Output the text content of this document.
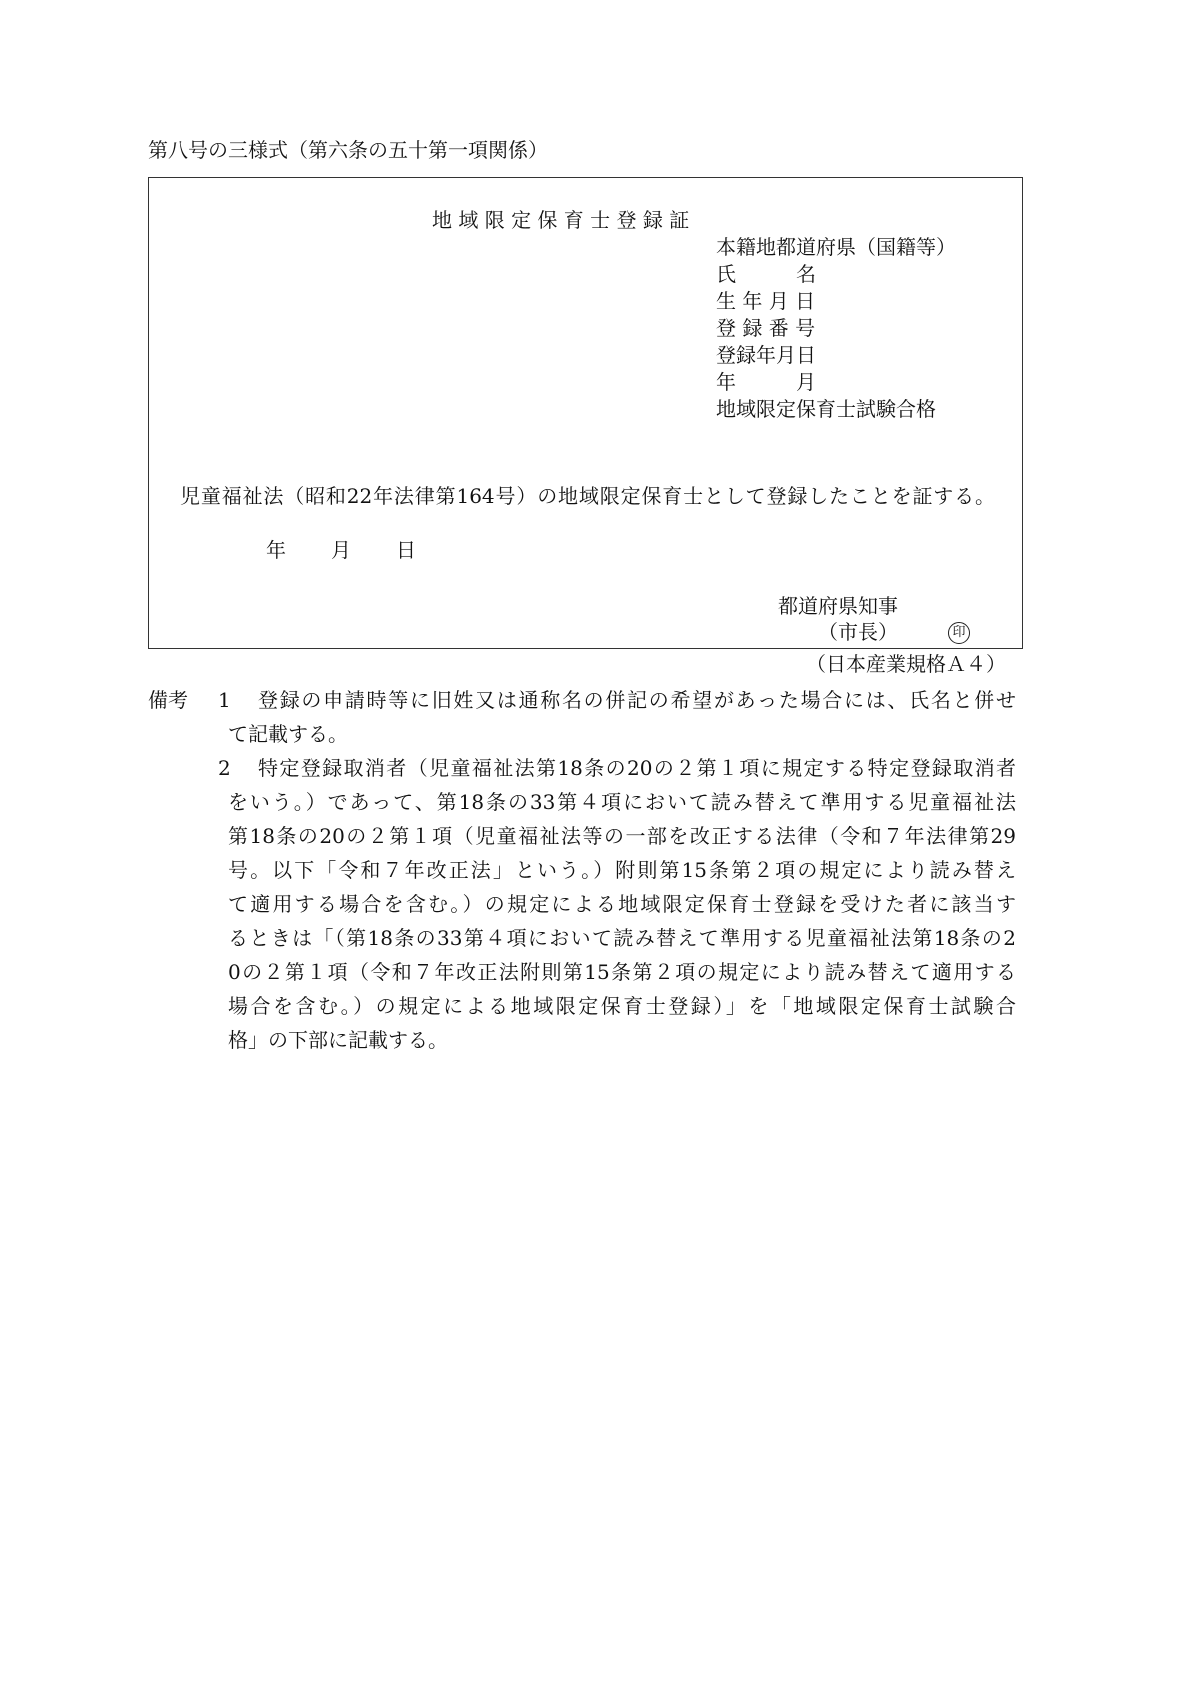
第八号の三様式（第六条の五十第一項関係）
地 域 限 定 保 育 士 登 録 証
本籍地都道府県（国籍等）
氏　　　名
生 年 月 日
登 録 番 号
登録年月日
年　　　月
地域限定保育士試験合格
児童福祉法（昭和22年法律第164号）の地域限定保育士として登録したことを証する。
年 月 日
都道府県知事
（市長）	印
（日本産業規格Ａ４）
備考 1 登録の申請時等に旧姓又は通称名の併記の希望があった場合には、氏名と併せ
て記載する。
2 特定登録取消者（児童福祉法第18条の20の２第１項に規定する特定登録取消者
をいう。）であって、第18条の33第４項において読み替えて準用する児童福祉法
第18条の20の２第１項（児童福祉法等の一部を改正する法律（令和７年法律第29
号。以下「令和７年改正法」という。）附則第15条第２項の規定により読み替え
て適用する場合を含む。）の規定による地域限定保育士登録を受けた者に該当す
るときは「（第18条の33第４項において読み替えて準用する児童福祉法第18条の2
0の２第１項（令和７年改正法附則第15条第２項の規定により読み替えて適用する
場合を含む。）の規定による地域限定保育士登録）」を「地域限定保育士試験合
格」の下部に記載する。
